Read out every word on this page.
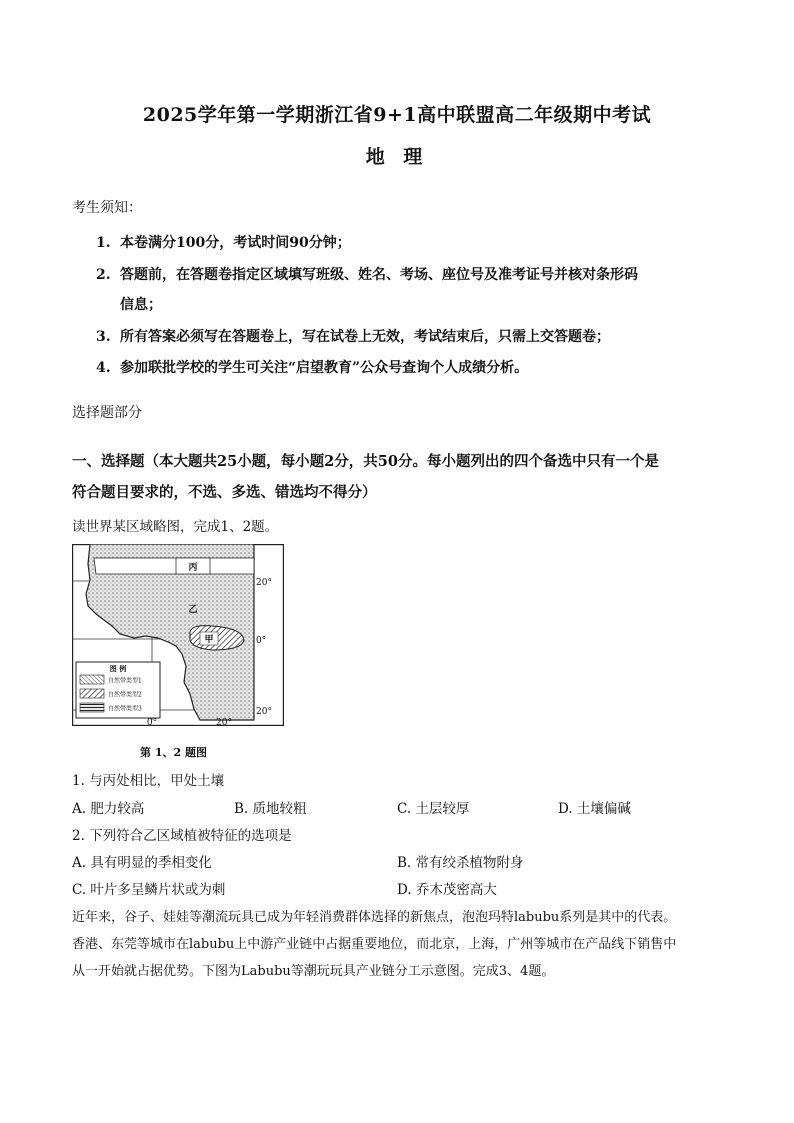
2025学年第一学期浙江省9+1高中联盟高二年级期中考试
地 理
考生须知：
1. 本卷满分100分，考试时间90分钟；
2. 答题前，在答题卷指定区域填写班级、姓名、考场、座位号及准考证号并核对条形码
信息；
3. 所有答案必须写在答题卷上，写在试卷上无效，考试结束后，只需上交答题卷；
4. 参加联批学校的学生可关注“启望教育”公众号查询个人成绩分析。
选择题部分
一、选择题（本大题共25小题，每小题2分，共50分。每小题列出的四个备选中只有一个是
符合题目要求的，不选、多选、错选均不得分）
读世界某区域略图，完成1、2题。
丙
乙
甲
20°
0°
20°
图 例
自然带类型1
自然带类型2
自然带类型3
0°	20°
第 1、2 题图
1. 与丙处相比，甲处土壤
A. 肥力较高	B. 质地较粗	C. 土层较厚	D. 土壤偏碱
2. 下列符合乙区域植被特征的选项是
A. 具有明显的季相变化	B. 常有绞杀植物附身
C. 叶片多呈鳞片状或为刺	D. 乔木茂密高大
近年来，谷子、娃娃等潮流玩具已成为年轻消费群体选择的新焦点，泡泡玛特labubu系列是其中的代表。
香港、东莞等城市在labubu上中游产业链中占据重要地位，而北京，上海，广州等城市在产品线下销售中
从一开始就占据优势。下图为Labubu等潮玩玩具产业链分工示意图。完成3、4题。
